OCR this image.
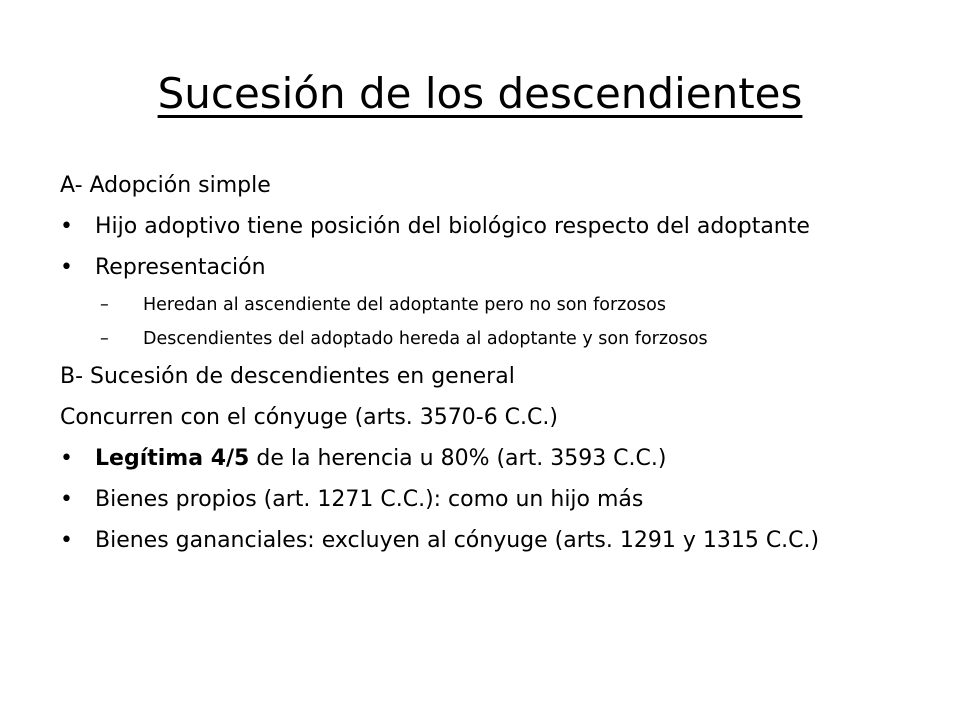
Sucesión de los descendientes

A- Adopción simple

• Hijo adoptivo tiene posición del biológico respecto del adoptante

• Representación

– Heredan al ascendiente del adoptante pero no son forzosos

– Descendientes del adoptado hereda al adoptante y son forzosos

B- Sucesión de descendientes en general

Concurren con el cónyuge (arts. 3570-6 C.C.)

• Legítima 4/5 de la herencia u 80% (art. 3593 C.C.)

• Bienes propios (art. 1271 C.C.): como un hijo más

• Bienes gananciales: excluyen al cónyuge (arts. 1291 y 1315 C.C.)
